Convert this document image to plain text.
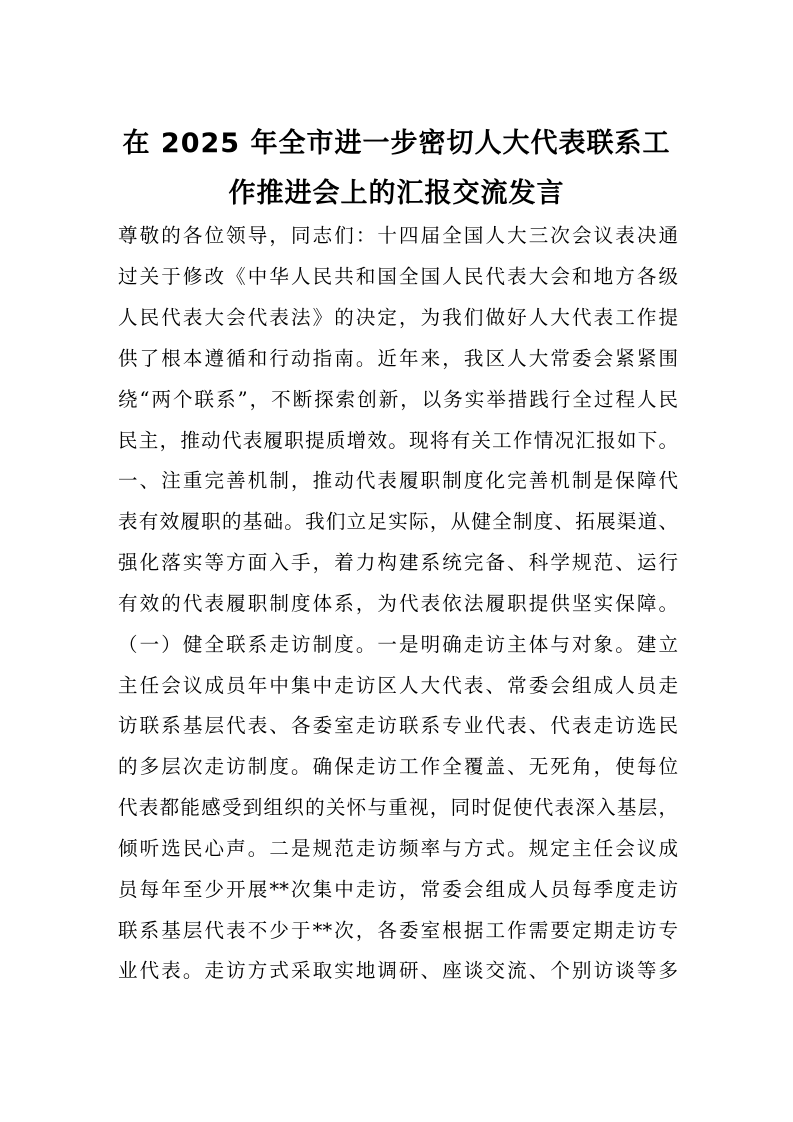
在 2025 年全市进一步密切人大代表联系工
作推进会上的汇报交流发言

尊敬的各位领导，同志们：十四届全国人大三次会议表决通

过关于修改《中华人民共和国全国人民代表大会和地方各级

人民代表大会代表法》的决定，为我们做好人大代表工作提

供了根本遵循和行动指南。近年来，我区人大常委会紧紧围

绕“两个联系”，不断探索创新，以务实举措践行全过程人民

民主，推动代表履职提质增效。现将有关工作情况汇报如下。

一、注重完善机制，推动代表履职制度化完善机制是保障代

表有效履职的基础。我们立足实际，从健全制度、拓展渠道、

强化落实等方面入手，着力构建系统完备、科学规范、运行

有效的代表履职制度体系，为代表依法履职提供坚实保障。

（一）健全联系走访制度。一是明确走访主体与对象。建立

主任会议成员年中集中走访区人大代表、常委会组成人员走

访联系基层代表、各委室走访联系专业代表、代表走访选民

的多层次走访制度。确保走访工作全覆盖、无死角，使每位

代表都能感受到组织的关怀与重视，同时促使代表深入基层，

倾听选民心声。二是规范走访频率与方式。规定主任会议成

员每年至少开展**次集中走访，常委会组成人员每季度走访

联系基层代表不少于**次，各委室根据工作需要定期走访专

业代表。走访方式采取实地调研、座谈交流、个别访谈等多
